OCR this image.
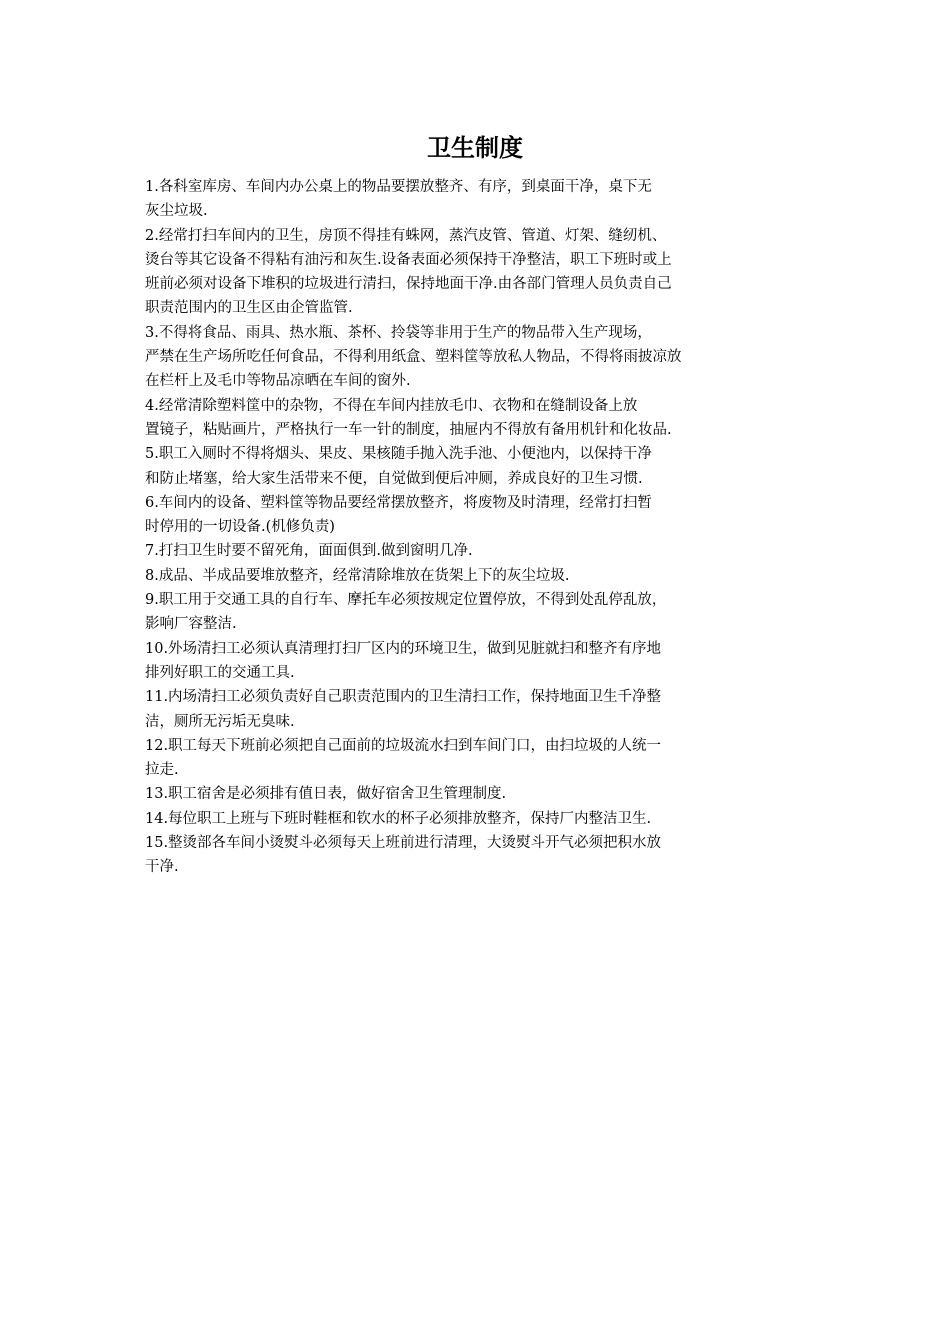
卫生制度
1.各科室库房、车间内办公桌上的物品要摆放整齐、有序，到桌面干净，桌下无
灰尘垃圾.
2.经常打扫车间内的卫生，房顶不得挂有蛛网，蒸汽皮管、管道、灯架、缝纫机、
烫台等其它设备不得粘有油污和灰生.设备表面必须保持干净整洁，职工下班时或上
班前必须对设备下堆积的垃圾进行清扫，保持地面干净.由各部门管理人员负责自己
职责范围内的卫生区由企管监管.
3.不得将食品、雨具、热水瓶、茶杯、拎袋等非用于生产的物品带入生产现场，
严禁在生产场所吃任何食品，不得利用纸盒、塑料筐等放私人物品，不得将雨披凉放
在栏杆上及毛巾等物品凉晒在车间的窗外.
4.经常清除塑料筐中的杂物，不得在车间内挂放毛巾、衣物和在缝制设备上放
置镜子，粘贴画片，严格执行一车一针的制度，抽屉内不得放有备用机针和化妆品.
5.职工入厕时不得将烟头、果皮、果核随手抛入洗手池、小便池内，以保持干净
和防止堵塞，给大家生活带来不便，自觉做到便后冲厕，养成良好的卫生习惯.
6.车间内的设备、塑料筐等物品要经常摆放整齐，将废物及时清理，经常打扫暂
时停用的一切设备.(机修负责)
7.打扫卫生时要不留死角，面面俱到.做到窗明几净.
8.成品、半成品要堆放整齐，经常清除堆放在货架上下的灰尘垃圾.
9.职工用于交通工具的自行车、摩托车必须按规定位置停放，不得到处乱停乱放，
影响厂容整洁.
10.外场清扫工必须认真清理打扫厂区内的环境卫生，做到见脏就扫和整齐有序地
排列好职工的交通工具.
11.内场清扫工必须负责好自己职责范围内的卫生清扫工作，保持地面卫生千净整
洁，厕所无污垢无臭味.
12.职工每天下班前必须把自己面前的垃圾流水扫到车间门口，由扫垃圾的人统一
拉走.
13.职工宿舍是必须排有值日表，做好宿舍卫生管理制度.
14.每位职工上班与下班时鞋框和钦水的杯子必须排放整齐，保持厂内整洁卫生.
15.整烫部各车间小烫熨斗必须每天上班前进行清理，大烫熨斗开气必须把积水放
干净.
